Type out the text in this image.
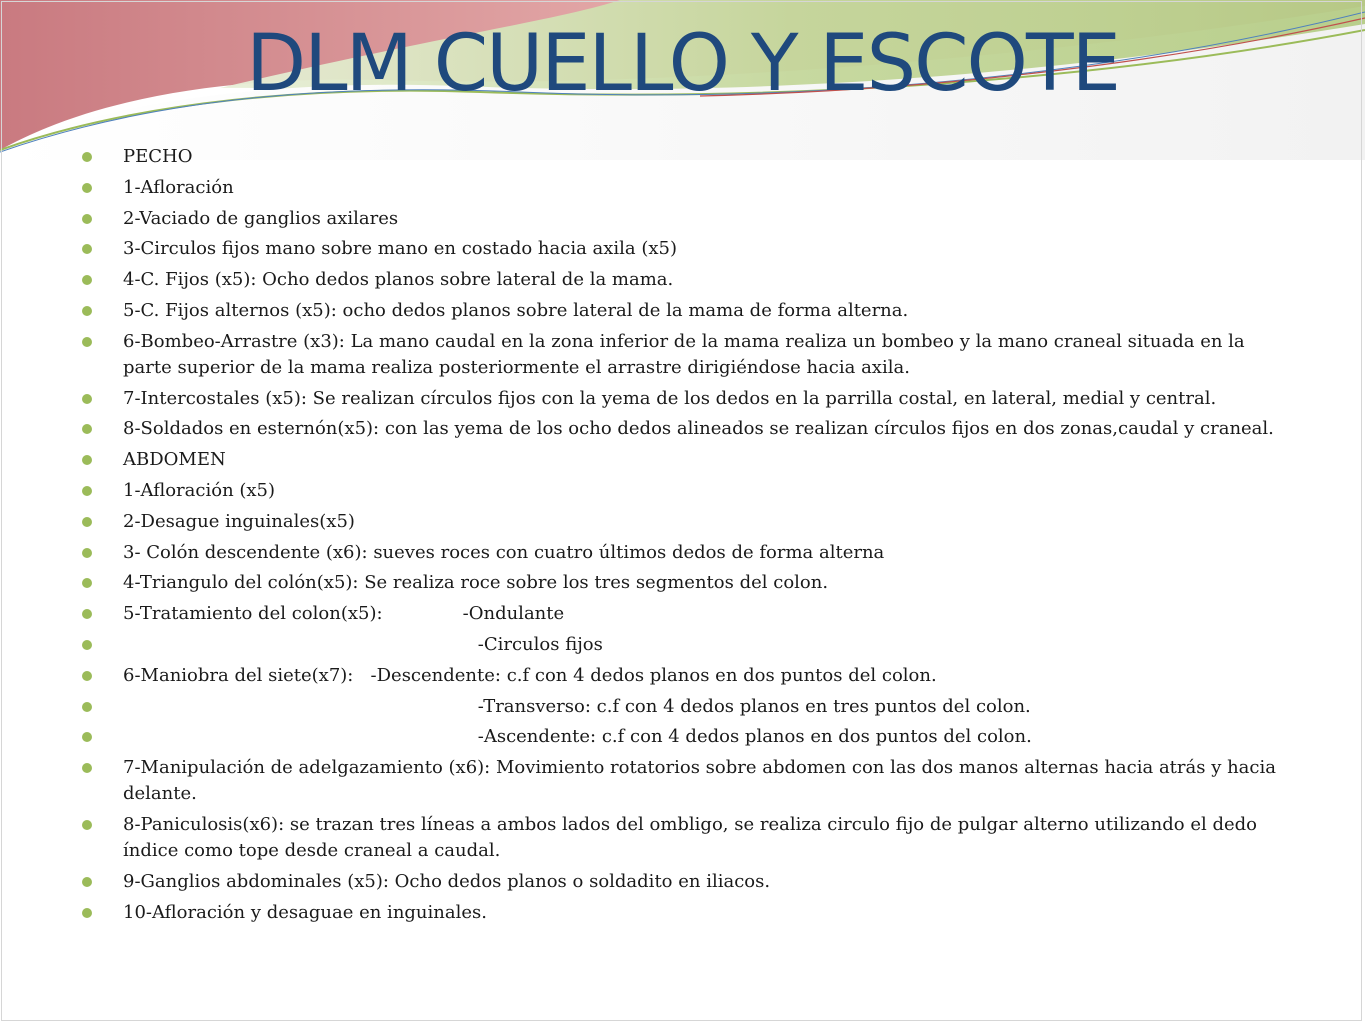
DLM CUELLO Y ESCOTE
PECHO
1-Afloración
2-Vaciado de ganglios axilares
3-Circulos fijos mano sobre mano en costado hacia axila (x5)
4-C. Fijos (x5): Ocho dedos planos sobre lateral de la mama.
5-C. Fijos alternos (x5): ocho dedos planos sobre lateral de la mama de forma alterna.
6-Bombeo-Arrastre (x3): La mano caudal en la zona inferior de la mama realiza un bombeo y la mano craneal situada en la parte superior de la mama realiza posteriormente el arrastre dirigiéndose hacia axila.
7-Intercostales (x5): Se realizan círculos fijos con la yema de los dedos en la parrilla costal, en lateral, medial y central.
8-Soldados en esternón(x5): con las yema de los ocho dedos alineados se realizan círculos fijos en dos zonas,caudal y craneal.
ABDOMEN
1-Afloración (x5)
2-Desague inguinales(x5)
3- Colón descendente (x6): sueves roces con cuatro últimos dedos de forma alterna
4-Triangulo del colón(x5): Se realiza roce sobre los tres segmentos del colon.
5-Tratamiento del colon(x5):              -Ondulante
-Circulos fijos
6-Maniobra del siete(x7):   -Descendente: c.f con 4 dedos planos en dos puntos del colon.
-Transverso: c.f con 4 dedos planos en tres puntos del colon.
-Ascendente: c.f con 4 dedos planos en dos puntos del colon.
7-Manipulación de adelgazamiento (x6): Movimiento rotatorios sobre abdomen con las dos manos alternas hacia atrás y hacia delante.
8-Paniculosis(x6): se trazan tres líneas a ambos lados del ombligo, se realiza circulo fijo de pulgar alterno utilizando el dedo índice como tope desde craneal a caudal.
9-Ganglios abdominales (x5): Ocho dedos planos o soldadito en iliacos.
10-Afloración y desaguae en inguinales.
